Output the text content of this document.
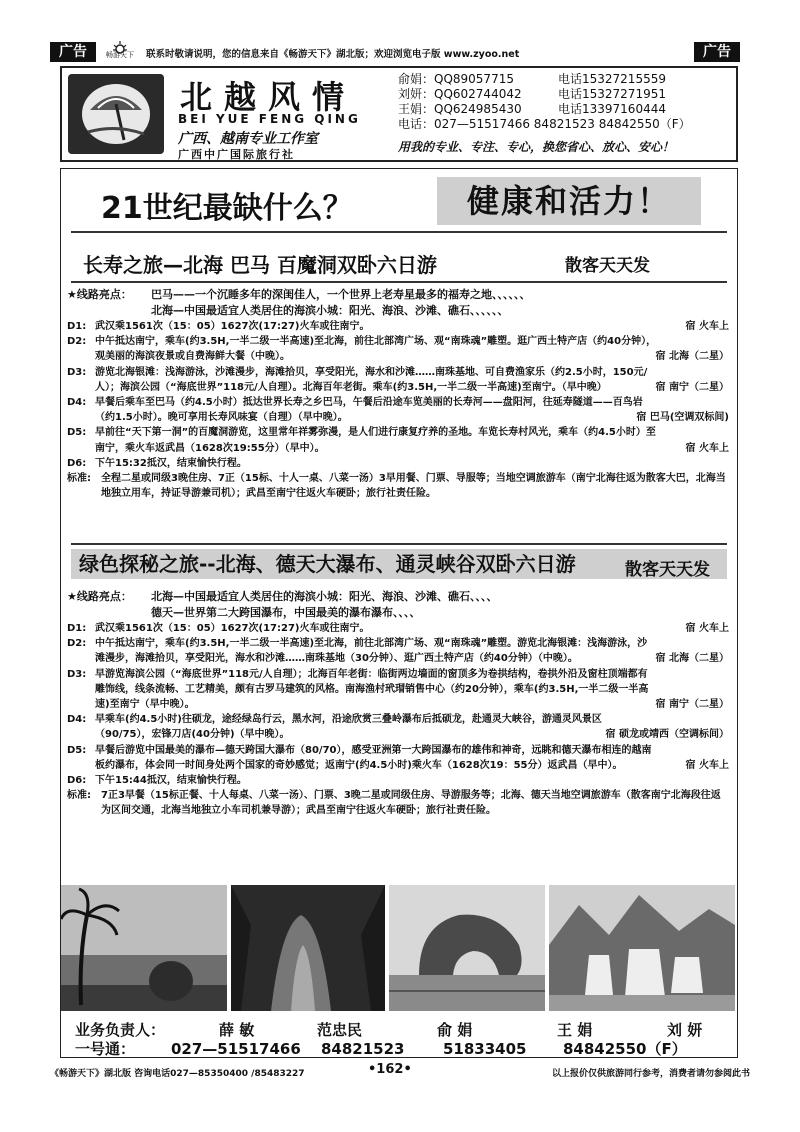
广告	畅游天下	联系时敬请说明，您的信息来自《畅游天下》湖北版；欢迎浏览电子版 www.zyoo.net	广告
北越风情
BEI YUE FENG QING
广西、越南专业工作室
广西中广国际旅行社
俞娟：QQ89057715	电话15327215559
刘妍：QQ602744042	电话15327271951
王娟：QQ624985430	电话13397160444
电话：027—51517466 84821523 84842550（F）
用我的专业、专注、专心，换您省心、放心、安心！
21世纪最缺什么？	健康和活力！
长寿之旅—北海 巴马 百魔洞双卧六日游	散客天天发
★线路亮点：	巴马——一个沉睡多年的深闺佳人，一个世界上老寿星最多的福寿之地、、、、、、
北海—中国最适宜人类居住的海滨小城：阳光、海浪、沙滩、礁石、、、、、、
D1: 武汉乘1561次（15：05）1627次(17:27)火车或往南宁。	宿 火车上
D2: 中午抵达南宁，乘车(约3.5H,一半二级一半高速)至北海，前往北部湾广场、观“南珠魂”雕塑。逛广西土特产店（约40分钟），观美丽的海滨夜景或自费海鲜大餐（中晚）。	宿 北海（二星）
D3: 游览北海银滩：浅海游泳，沙滩漫步，海滩拾贝，享受阳光，海水和沙滩……南珠基地、可自费渔家乐（约2.5小时，150元/人）；海滨公园（“海底世界”118元/人自理）。北海百年老街。乘车(约3.5H,一半二级一半高速)至南宁。（早中晚）	宿 南宁（二星）
D4: 早餐后乘车至巴马（约4.5小时）抵达世界长寿之乡巴马，午餐后沿途车览美丽的长寿河——盘阳河，往延寿隧道——百鸟岩（约1.5小时）。晚可享用长寿风味宴（自理）（早中晚）。	宿 巴马(空调双标间)
D5: 早前往“天下第一洞”的百魔洞游览，这里常年祥雾弥漫，是人们进行康复疗养的圣地。车览长寿村风光，乘车（约4.5小时）至南宁，乘火车返武昌（1628次19:55分）（早中）。	宿 火车上
D6: 下午15:32抵汉，结束愉快行程。
标准:	全程二星或同级3晚住房、7正（15标、十人一桌、八菜一汤）3早用餐、门票、导服等；当地空调旅游车（南宁北海往返为散客大巴，北海当地独立用车，持证导游兼司机）；武昌至南宁往返火车硬卧；旅行社责任险。
绿色探秘之旅--北海、德天大瀑布、通灵峡谷双卧六日游	散客天天发
★线路亮点：	北海—中国最适宜人类居住的海滨小城：阳光、海浪、沙滩、礁石、、、、
德天—世界第二大跨国瀑布，中国最美的瀑布瀑布、、、、
D1: 武汉乘1561次（15：05）1627次(17:27)火车或往南宁。	宿 火车上
D2: 中午抵达南宁，乘车(约3.5H,一半二级一半高速)至北海，前往北部湾广场、观“南珠魂”雕塑。游览北海银滩：浅海游泳，沙滩漫步，海滩拾贝，享受阳光，海水和沙滩……南珠基地（30分钟）、逛广西土特产店（约40分钟）（中晚）。	宿 北海（二星）
D3: 早游览海滨公园（“海底世界”118元/人自理）；北海百年老街：临街两边墙面的窗顶多为卷拱结构，卷拱外沿及窗柱顶端都有雕饰线，线条流畅、工艺精美，颇有古罗马建筑的风格。南海渔村玳瑁销售中心（约20分钟），乘车(约3.5H,一半二级一半高速)至南宁（早中晚）。	宿 南宁（二星）
D4: 早乘车(约4.5小时)往硕龙，途经绿岛行云，黑水河，沿途欣赏三叠岭瀑布后抵硕龙，赴通灵大峡谷，游通灵风景区（90/75），宏锋刀店(40分钟)（早中晚）。	宿 硕龙或靖西（空调标间）
D5: 早餐后游览中国最美的瀑布—德天跨国大瀑布（80/70），感受亚洲第一大跨国瀑布的雄伟和神奇，远眺和德天瀑布相连的越南板约瀑布，体会同一时间身处两个国家的奇妙感觉；返南宁(约4.5小时)乘火车（1628次19：55分）返武昌（早中）。	宿 火车上
D6: 下午15:44抵汉，结束愉快行程。
标准:	7正3早餐（15标正餐、十人每桌、八菜一汤）、门票、3晚二星或同级住房、导游服务等；北海、德天当地空调旅游车（散客南宁北海段往返为区间交通，北海当地独立小车司机兼导游）；武昌至南宁往返火车硬卧；旅行社责任险。
业务负责人：	薛 敏	范忠民	俞 娟	王 娟	刘 妍
一号通： 027—51517466 84821523	51833405 84842550（F）
《畅游天下》湖北版 咨询电话027—85350400 /85483227	•162•	以上报价仅供旅游同行参考，消费者请勿参阅此书
